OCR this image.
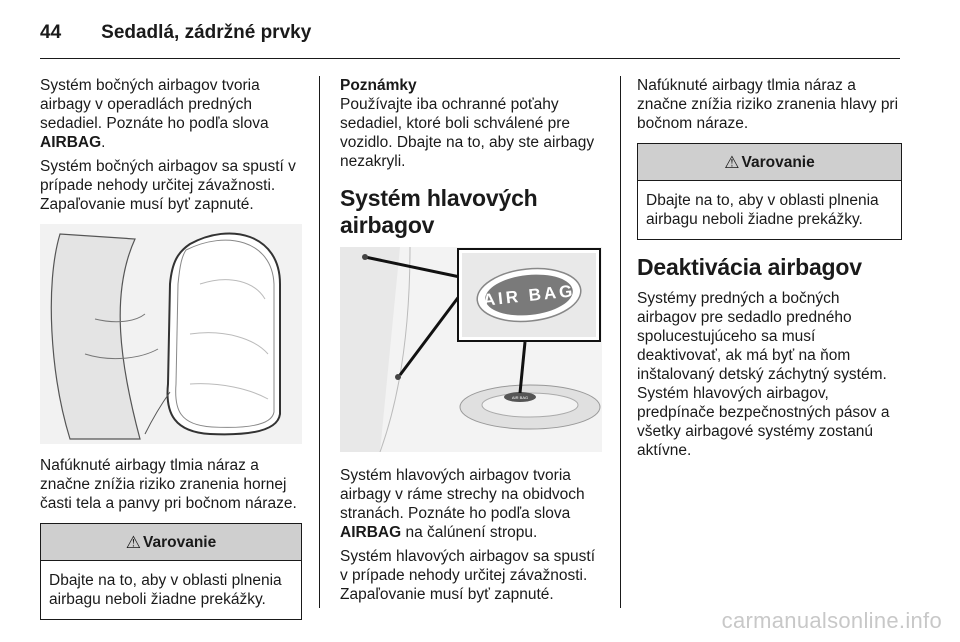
44 Sedadlá, zádržné prvky

Systém bočných airbagov tvoria airbagy v operadlách predných sedadiel. Poznáte ho podľa slova
AIRBAG.

Systém bočných airbagov sa spustí v prípade nehody určitej závažnosti. Zapaľovanie musí byť zapnuté.

Nafúknuté airbagy tlmia náraz a značne znížia riziko zranenia hornej časti tela a panvy pri bočnom náraze.

⚠ Varovanie
Dbajte na to, aby v oblasti plnenia airbagu neboli žiadne prekážky.

Poznámky

Používajte iba ochranné poťahy sedadiel, ktoré boli schválené pre vozidlo. Dbajte na to, aby ste airbagy nezakryli.

Systém hlavových airbagov
AIR BAG
AIR BAG

Systém hlavových airbagov tvoria airbagy v ráme strechy na obidvoch stranách. Poznáte ho podľa slova
AIRBAG na čalúnení stropu.

Systém hlavových airbagov sa spustí v prípade nehody určitej závažnosti. Zapaľovanie musí byť zapnuté.

Nafúknuté airbagy tlmia náraz a značne znížia riziko zranenia hlavy pri bočnom náraze.

⚠ Varovanie
Dbajte na to, aby v oblasti plnenia airbagu neboli žiadne prekážky.
Deaktivácia airbagov

Systémy predných a bočných airbagov pre sedadlo predného spolucestujúceho sa musí deaktivovať, ak má byť na ňom inštalovaný detský záchytný systém. Systém hlavových airbagov, predpínače bezpečnostných pásov a všetky airbagové systémy zostanú aktívne.

carmanualsonline.info
